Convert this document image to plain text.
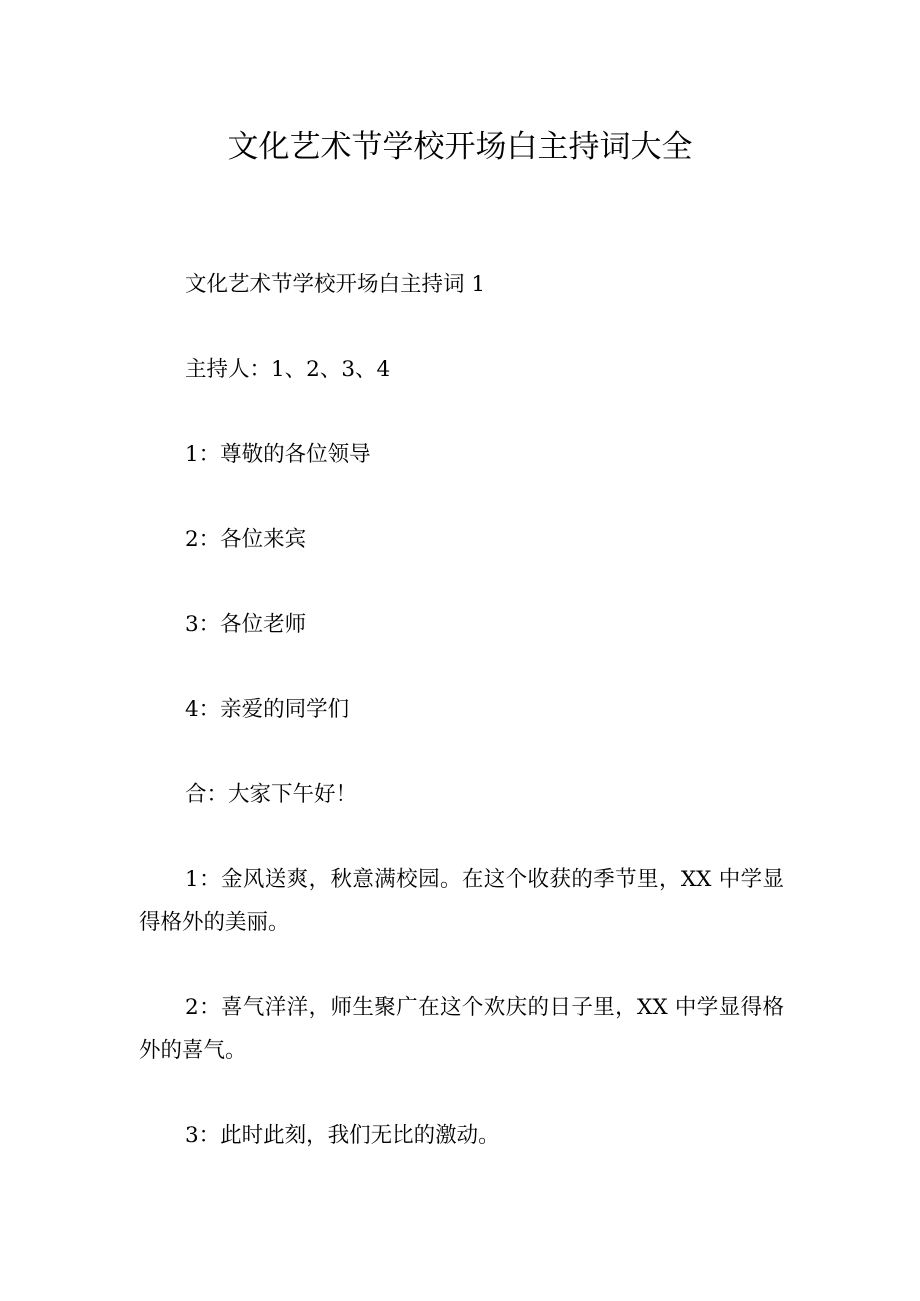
文化艺术节学校开场白主持词大全

文化艺术节学校开场白主持词 1

主持人：1、2、3、4

1：尊敬的各位领导

2：各位来宾

3：各位老师

4：亲爱的同学们

合：大家下午好！

1：金风送爽，秋意满校园。在这个收获的季节里，XX 中学显得格外的美丽。

2：喜气洋洋，师生聚广在这个欢庆的日子里，XX 中学显得格外的喜气。

3：此时此刻，我们无比的激动。
